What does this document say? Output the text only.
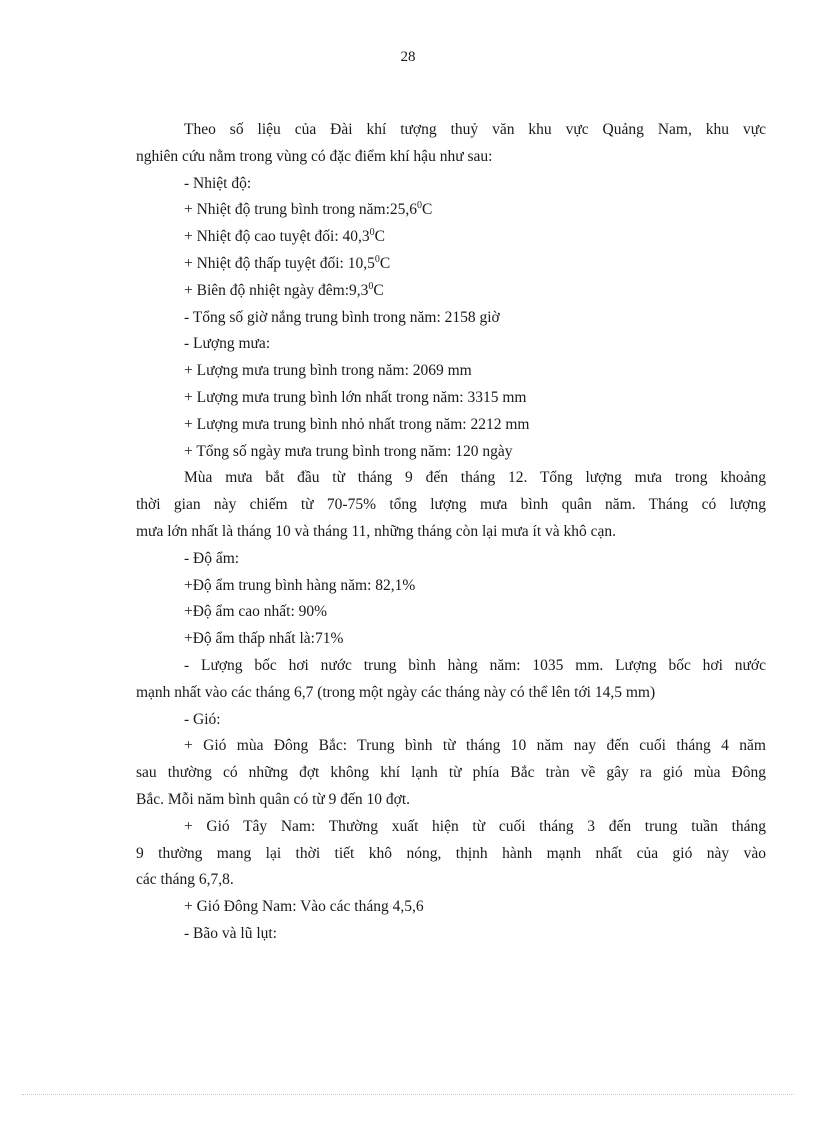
28
Theo số liệu của Đài khí tượng thuỷ văn khu vực Quảng Nam, khu vực
nghiên cứu nằm trong vùng có đặc điểm khí hậu như sau:
- Nhiệt độ:
+ Nhiệt độ trung bình trong $năm:25,6^0C$
+ Nhiệt độ cao tuyệt đối: $40,3^0C$
+ Nhiệt độ thấp tuyệt đối: $10,5^0C$
+ Biên độ nhiệt ngày $đêm:9,3^0C$
- Tổng số giờ nắng trung bình trong năm: 2158 giờ
- Lượng mưa:
+ Lượng mưa trung bình trong năm: 2069 mm
+ Lượng mưa trung bình lớn nhất trong năm: 3315 mm
+ Lượng mưa trung bình nhỏ nhất trong năm: 2212 mm
+ Tổng số ngày mưa trung bình trong năm: 120 ngày
Mùa mưa bắt đầu từ tháng 9 đến tháng 12. Tổng lượng mưa trong khoảng
thời gian này chiếm từ 70-75% tổng lượng mưa bình quân năm. Tháng có lượng
mưa lớn nhất là tháng 10 và tháng 11, những tháng còn lại mưa ít và khô cạn.
- Độ ẩm:
+Độ ẩm trung bình hàng năm: 82,1%
+Độ ẩm cao nhất: 90%
+Độ ẩm thấp nhất là:71%
- Lượng bốc hơi nước trung bình hàng năm: 1035 mm. Lượng bốc hơi nước
mạnh nhất vào các tháng 6,7 (trong một ngày các tháng này có thể lên tới 14,5 mm)
- Gió:
+ Gió mùa Đông Bắc: Trung bình từ tháng 10 năm nay đến cuối tháng 4 năm
sau thường có những đợt không khí lạnh từ phía Bắc tràn về gây ra gió mùa Đông
Bắc. Mỗi năm bình quân có từ 9 đến 10 đợt.
+ Gió Tây Nam: Thường xuất hiện từ cuối tháng 3 đến trung tuần tháng
9 thường mang lại thời tiết khô nóng, thịnh hành mạnh nhất của gió này vào
các tháng 6,7,8.
+ Gió Đông Nam: Vào các tháng 4,5,6
- Bão và lũ lụt:
